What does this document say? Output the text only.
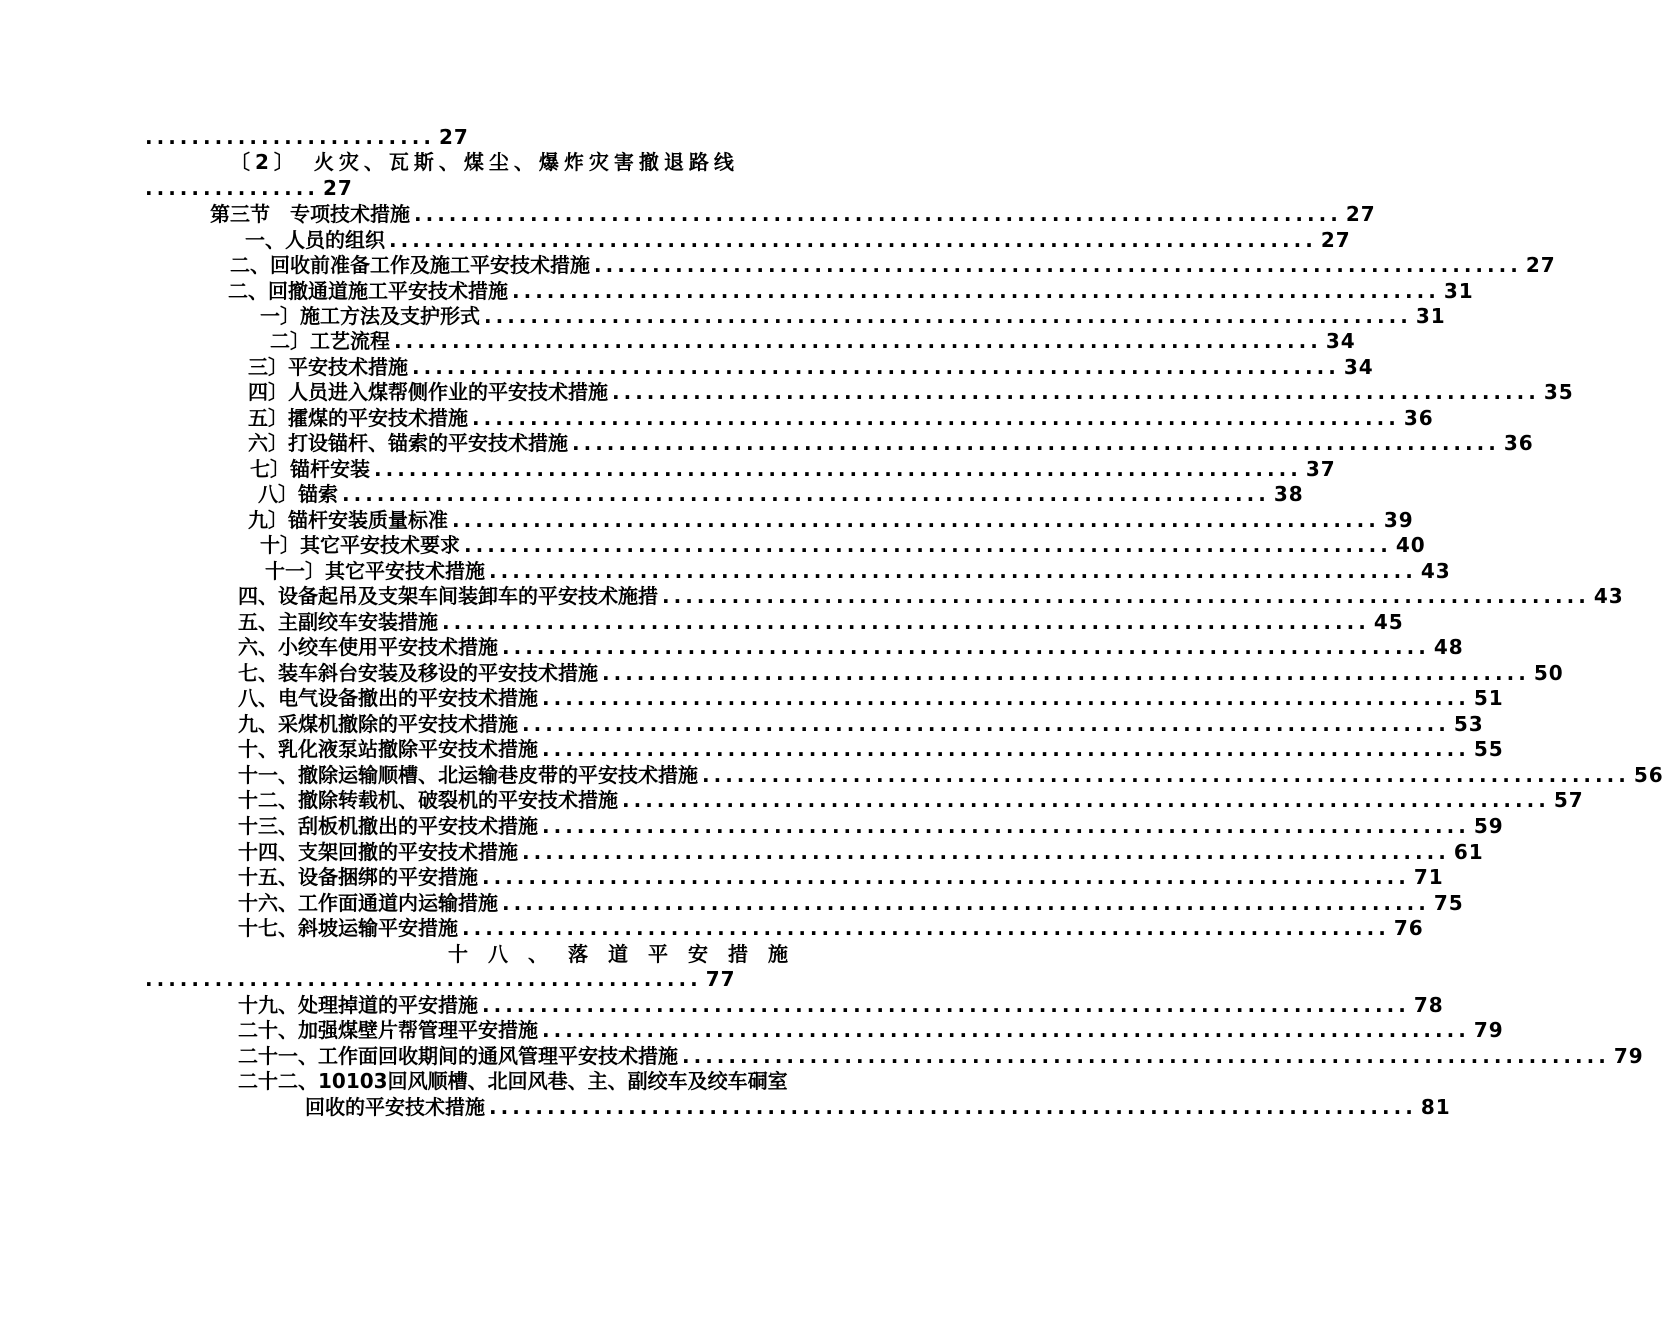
......................... 27
〔2〕　火灾、瓦斯、煤尘、爆炸灾害撤退路线
............... 27
第三节　专项技术措施 ................................................................................ 27
一、人员的组织 ................................................................................ 27
二、回收前准备工作及施工平安技术措施 ................................................................................ 27
二、回撤通道施工平安技术措施 ................................................................................ 31
一〕施工方法及支护形式 ................................................................................ 31
二〕工艺流程 ................................................................................ 34
三〕平安技术措施 ................................................................................ 34
四〕人员进入煤帮侧作业的平安技术措施 ................................................................................ 35
五〕攉煤的平安技术措施 ................................................................................ 36
六〕打设锚杆、锚索的平安技术措施 ................................................................................ 36
七〕锚杆安装 ................................................................................ 37
八〕锚索 ................................................................................ 38
九〕锚杆安装质量标准 ................................................................................ 39
十〕其它平安技术要求 ................................................................................ 40
十一〕其它平安技术措施 ................................................................................ 43
四、设备起吊及支架车间装卸车的平安技术施措 ................................................................................ 43
五、主副绞车安装措施 ................................................................................ 45
六、小绞车使用平安技术措施 ................................................................................ 48
七、装车斜台安装及移设的平安技术措施 ................................................................................ 50
八、电气设备撤出的平安技术措施 ................................................................................ 51
九、采煤机撤除的平安技术措施 ................................................................................ 53
十、乳化液泵站撤除平安技术措施 ................................................................................ 55
十一、撤除运输顺槽、北运输巷皮带的平安技术措施 ................................................................................ 56
十二、撤除转载机、破裂机的平安技术措施 ................................................................................ 57
十三、刮板机撤出的平安技术措施 ................................................................................ 59
十四、支架回撤的平安技术措施 ................................................................................ 61
十五、设备捆绑的平安措施 ................................................................................ 71
十六、工作面通道内运输措施 ................................................................................ 75
十七、斜坡运输平安措施 ................................................................................ 76
十八、落道平安措施
................................................ 77
十九、处理掉道的平安措施 ................................................................................ 78
二十、加强煤壁片帮管理平安措施 ................................................................................ 79
二十一、工作面回收期间的通风管理平安技术措施 ................................................................................ 79
二十二、10103回风顺槽、北回风巷、主、副绞车及绞车硐室
回收的平安技术措施 ................................................................................ 81
